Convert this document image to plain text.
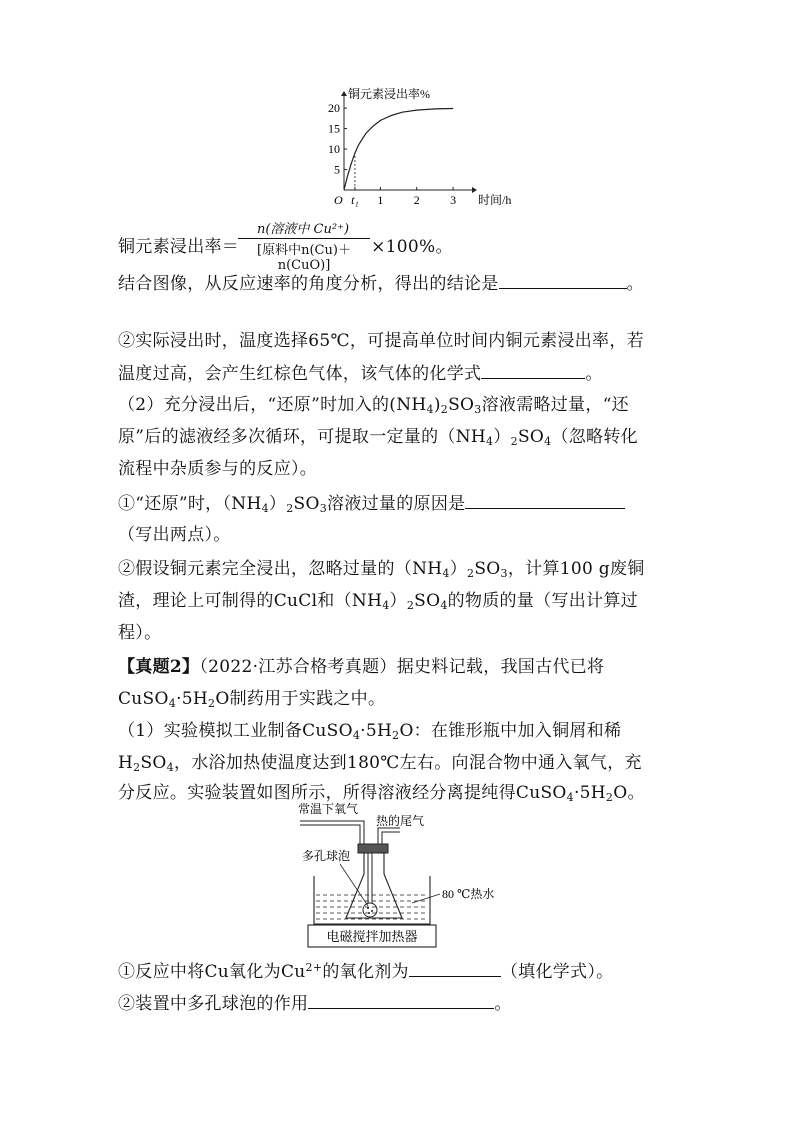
铜元素浸出率%
时间/h
O
5
10
15
20
t₁ 1	2	3
铜元素浸出率＝	×100%。
n(溶液中 Cu²⁺)
[原料中n(Cu)＋n(CuO)]
结合图像，从反应速率的角度分析，得出的结论是	。
②实际浸出时，温度选择65℃，可提高单位时间内铜元素浸出率，若
温度过高，会产生红棕色气体，该气体的化学式	。
（2）充分浸出后，“还原”时加入的$(NH_4)_2SO_3$溶液需略过量，“还
原”后的滤液经多次循环，可提取一定量的$(NH_4)_2SO_4$（忽略转化
流程中杂质参与的反应）。
①“还原”时，$(NH_4)_2SO_3$溶液过量的原因是
（写出两点）。
②假设铜元素完全浸出，忽略过量的$(NH_4)_2SO_3$，计算100 g废铜
渣，理论上可制得的CuCl和$(NH_4)_2SO_4$的物质的量（写出计算过
程）。
【真题2】（2022·江苏合格考真题）据史料记载，我国古代已将
$CuSO_4\cdot 5H_2O$制药用于实践之中。
（1）实验模拟工业制备$CuSO_4\cdot 5H_2O$：在锥形瓶中加入铜屑和稀
$H_2SO_4$，水浴加热使温度达到180℃左右。向混合物中通入氧气，充
分反应。实验装置如图所示，所得溶液经分离提纯得$CuSO_4\cdot 5H_2O$。
常温下氧气
热的尾气
多孔球泡
80 ℃热水
电磁搅拌加热器
①反应中将Cu氧化为$Cu^{2+}$的氧化剂为	（填化学式）。
②装置中多孔球泡的作用	。
